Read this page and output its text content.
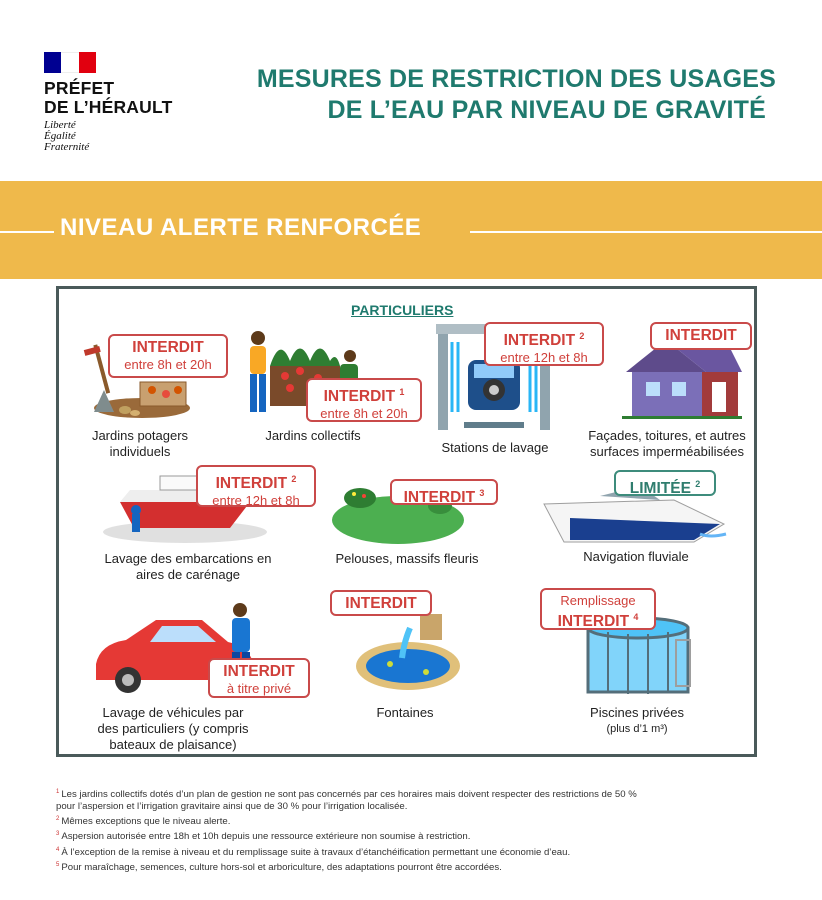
PRÉFET
DE L’HÉRAULT
Liberté
Égalité
Fraternité
MESURES DE RESTRICTION DES USAGES
DE L’EAU PAR NIVEAU DE GRAVITÉ
NIVEAU ALERTE RENFORCÉE
PARTICULIERS
INTERDIT
entre 8h et 20h
Jardins potagers
individuels
INTERDIT $^1$
entre 8h et 20h
Jardins collectifs
INTERDIT $^2$
entre 12h et 8h
Stations de lavage
INTERDIT
Façades, toitures, et autres
surfaces imperméabilisées
INTERDIT $^2$
entre 12h et 8h
Lavage des embarcations en
aires de carénage
INTERDIT $^3$
Pelouses, massifs fleuris
LIMITÉE $^2$
Navigation fluviale
INTERDIT
à titre privé
Lavage de véhicules par
des particuliers (y compris
bateaux de plaisance)
INTERDIT
Fontaines
Remplissage
INTERDIT $^4$
Piscines privées
(plus d’1 m³)
$^1$ Les jardins collectifs dotés d’un plan de gestion ne sont pas concernés par ces horaires mais doivent respecter des restrictions de 50 %
pour l’aspersion et l’irrigation gravitaire ainsi que de 30 % pour l’irrigation localisée.
$^2$ Mêmes exceptions que le niveau alerte.
$^3$ Aspersion autorisée entre 18h et 10h depuis une ressource extérieure non soumise à restriction.
$^4$ À l’exception de la remise à niveau et du remplissage suite à travaux d’étanchéification permettant une économie d’eau.
$^5$ Pour maraîchage, semences, culture hors-sol et arboriculture, des adaptations pourront être accordées.
